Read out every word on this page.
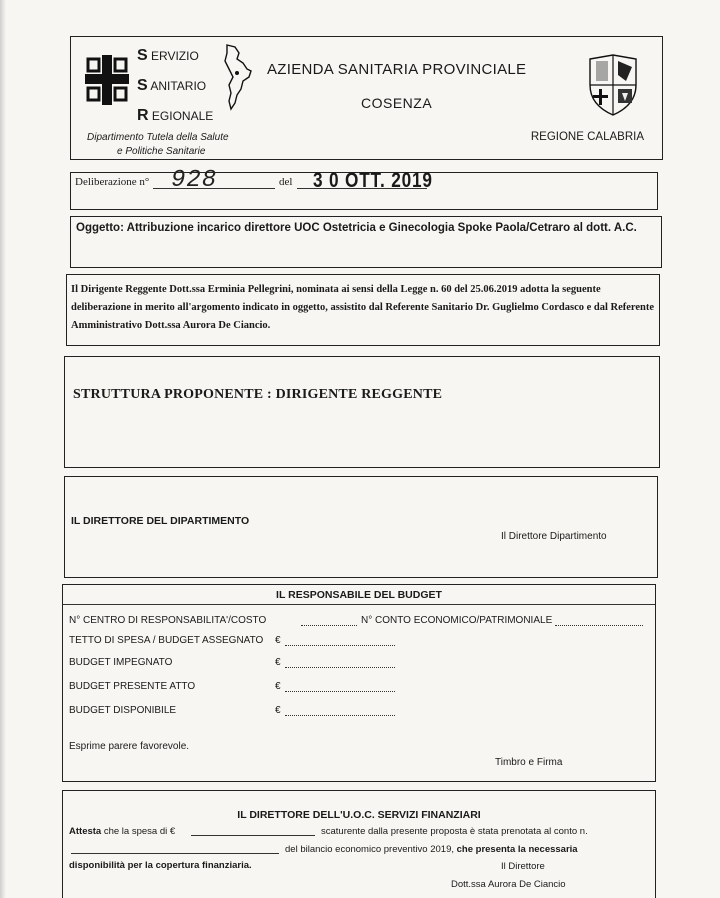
S ERVIZIO
S ANITARIO
R EGIONALE
AZIENDA SANITARIA PROVINCIALE
COSENZA
Dipartimento Tutela della Salute
e Politiche Sanitarie
REGIONE CALABRIA
Deliberazione n° 928	del 3 0 OTT. 2019
Oggetto: Attribuzione incarico direttore UOC Ostetricia e Ginecologia Spoke Paola/Cetraro al dott. A.C.
Il Dirigente Reggente Dott.ssa Erminia Pellegrini, nominata ai sensi della Legge n. 60 del 25.06.2019 adotta la seguente deliberazione in merito all'argomento indicato in oggetto, assistito dal Referente Sanitario Dr. Guglielmo Cordasco e dal Referente Amministrativo Dott.ssa Aurora De Ciancio.
STRUTTURA PROPONENTE : DIRIGENTE REGGENTE
IL DIRETTORE DEL DIPARTIMENTO
Il Direttore Dipartimento
IL RESPONSABILE DEL BUDGET
N° CENTRO DI RESPONSABILITA'/COSTO	N° CONTO ECONOMICO/PATRIMONIALE
TETTO DI SPESA / BUDGET ASSEGNATO €
BUDGET IMPEGNATO	€
BUDGET PRESENTE ATTO	€
BUDGET DISPONIBILE	€
Esprime parere favorevole.
Timbro e Firma
IL DIRETTORE DELL'U.O.C. SERVIZI FINANZIARI
Attesta che la spesa di €	scaturente dalla presente proposta è stata prenotata al conto n.
del bilancio economico preventivo 2019, che presenta la necessaria
disponibilità per la copertura finanziaria.	Il Direttore
Dott.ssa Aurora De Ciancio
